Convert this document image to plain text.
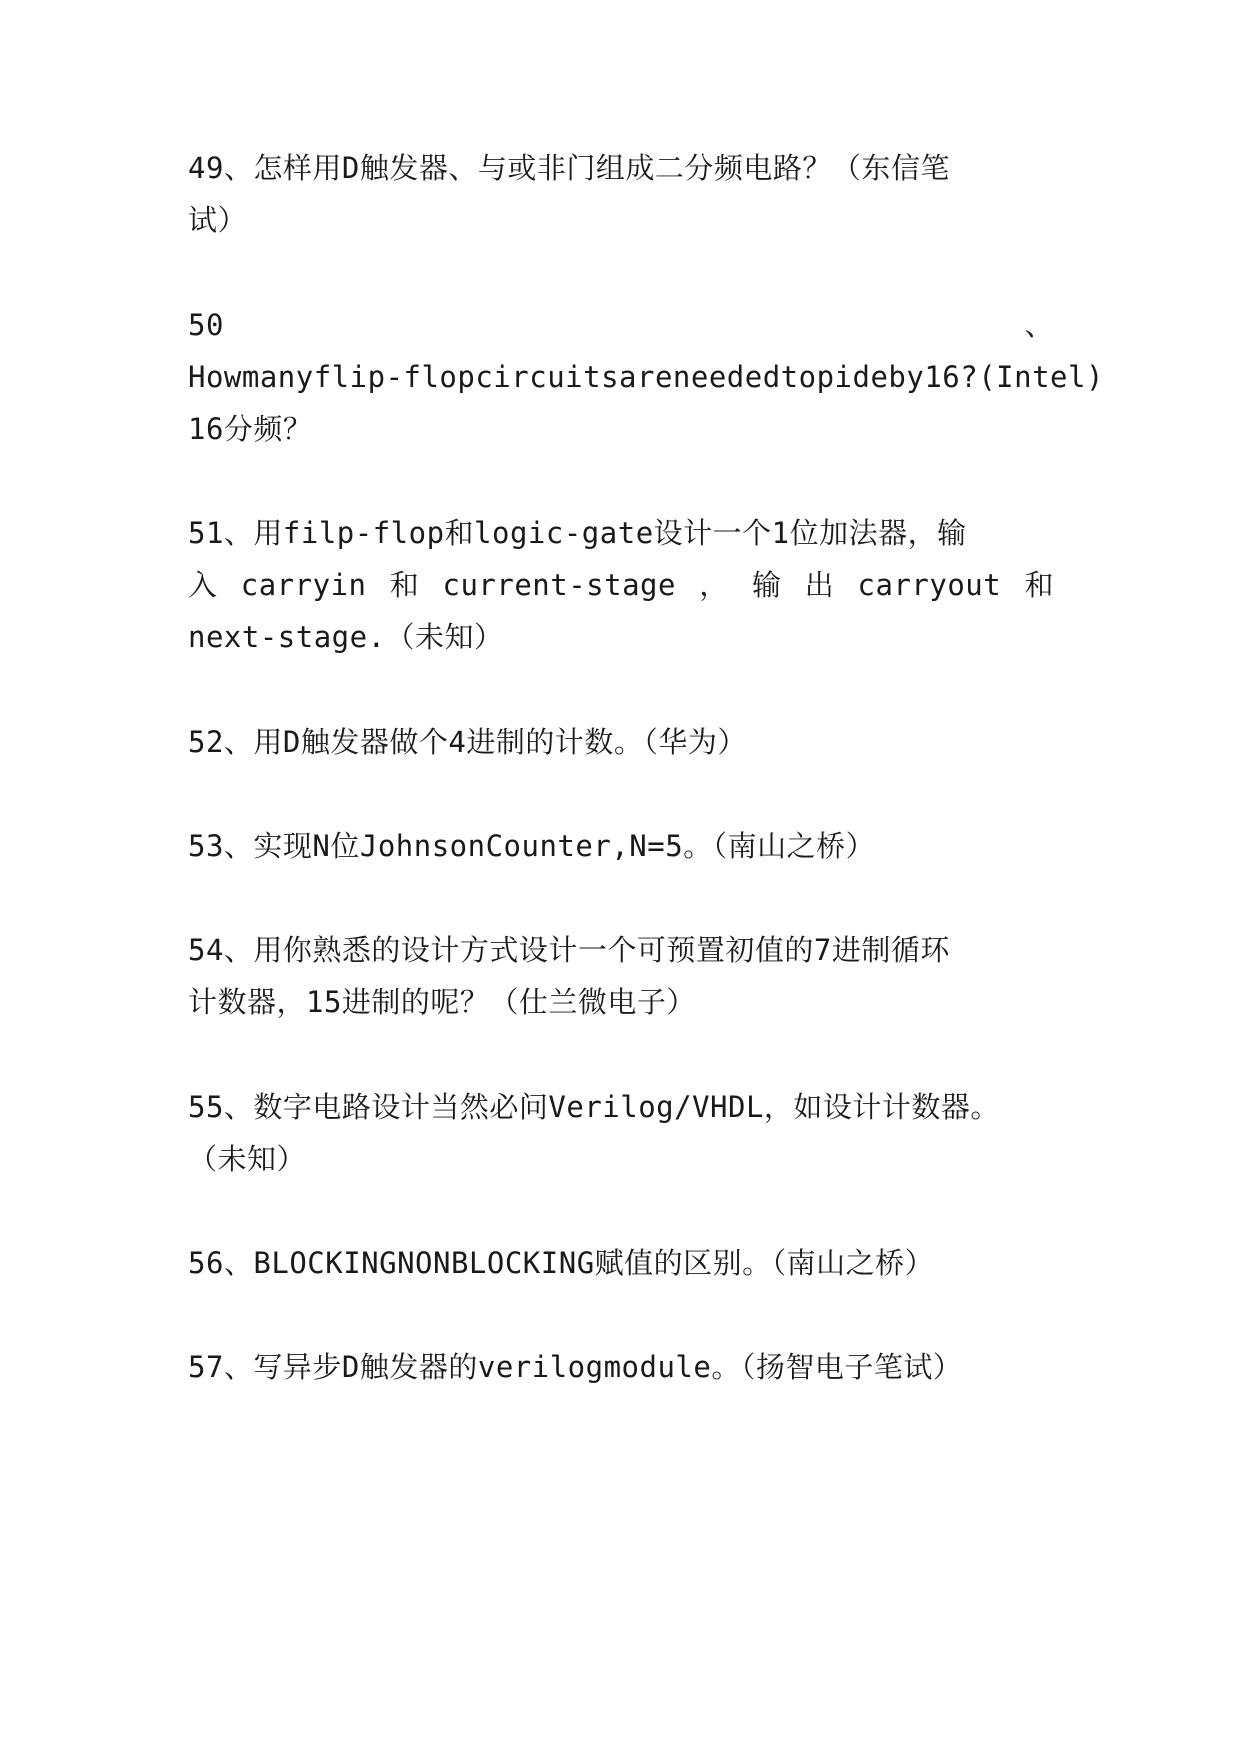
49、怎样用D触发器、与或非门组成二分频电路？（东信笔
试）
50	、
Howmanyflip-flopcircuitsareneededtopideby16?(Intel)
16分频？
51、用filp-flop和logic-gate设计一个1位加法器，输
入 carryin 和 current-stage ， 输 出 carryout 和
next-stage.（未知）
52、用D触发器做个4进制的计数。（华为）
53、实现N位JohnsonCounter,N=5。（南山之桥）
54、用你熟悉的设计方式设计一个可预置初值的7进制循环
计数器，15进制的呢？（仕兰微电子）
55、数字电路设计当然必问Verilog/VHDL，如设计计数器。
（未知）
56、BLOCKINGNONBLOCKING赋值的区别。（南山之桥）
57、写异步D触发器的verilogmodule。（扬智电子笔试）
